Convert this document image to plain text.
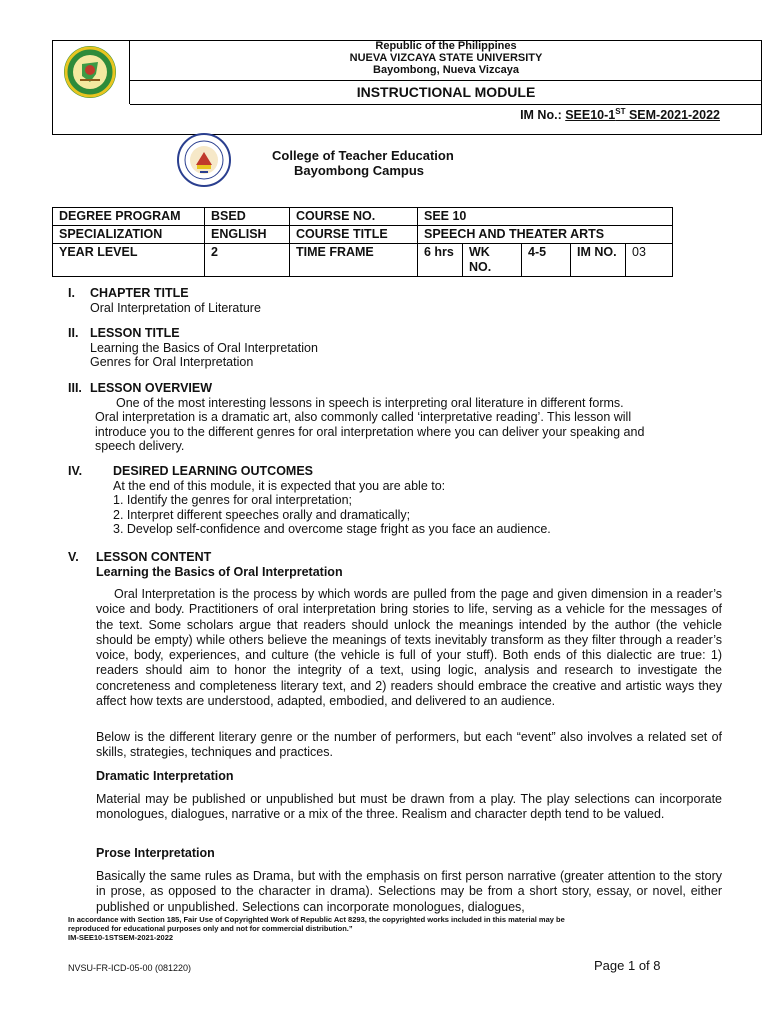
Republic of the Philippines
NUEVA VIZCAYA STATE UNIVERSITY
Bayombong, Nueva Vizcaya
INSTRUCTIONAL MODULE
IM No.: SEE10-1ST SEM-2021-2022
College of Teacher Education
Bayombong Campus
DEGREE PROGRAM	BSED	COURSE NO.	SEE 10				
SPECIALIZATION	ENGLISH	COURSE TITLE	SPEECH AND THEATER ARTS				
YEAR LEVEL	2	TIME FRAME	6 hrs	WK NO.	4-5	IM NO.	03
I. CHAPTER TITLE
Oral Interpretation of Literature
II. LESSON TITLE
Learning the Basics of Oral Interpretation
Genres for Oral Interpretation
III. LESSON OVERVIEW
One of the most interesting lessons in speech is interpreting oral literature in different forms.
Oral interpretation is a dramatic art, also commonly called ‘interpretative reading’. This lesson will
introduce you to the different genres for oral interpretation where you can deliver your speaking and
speech delivery.
IV. DESIRED LEARNING OUTCOMES
At the end of this module, it is expected that you are able to:
1. Identify the genres for oral interpretation;
2. Interpret different speeches orally and dramatically;
3. Develop self-confidence and overcome stage fright as you face an audience.
V. LESSON CONTENT
Learning the Basics of Oral Interpretation
Oral Interpretation is the process by which words are pulled from the page and given dimension in a reader’s voice and body. Practitioners of oral interpretation bring stories to life, serving as a vehicle for the messages of the text. Some scholars argue that readers should unlock the meanings intended by the author (the vehicle should be empty) while others believe the meanings of texts inevitably transform as they filter through a reader’s voice, body, experiences, and culture (the vehicle is full of your stuff). Both ends of this dialectic are true: 1) readers should aim to honor the integrity of a text, using logic, analysis and research to investigate the concreteness and completeness literary text, and 2) readers should embrace the creative and artistic ways they affect how texts are understood, adapted, embodied, and delivered to an audience.
Below is the different literary genre or the number of performers, but each “event” also involves a related set of skills, strategies, techniques and practices.
Dramatic Interpretation
Material may be published or unpublished but must be drawn from a play. The play selections can incorporate monologues, dialogues, narrative or a mix of the three. Realism and character depth tend to be valued.
Prose Interpretation
Basically the same rules as Drama, but with the emphasis on first person narrative (greater attention to the story in prose, as opposed to the character in drama). Selections may be from a short story, essay, or novel, either published or unpublished. Selections can incorporate monologues, dialogues,
In accordance with Section 185, Fair Use of Copyrighted Work of Republic Act 8293, the copyrighted works included in this material may be
reproduced for educational purposes only and not for commercial distribution.”
IM-SEE10-1STSEM-2021-2022
NVSU-FR-ICD-05-00 (081220)	Page 1 of 8
